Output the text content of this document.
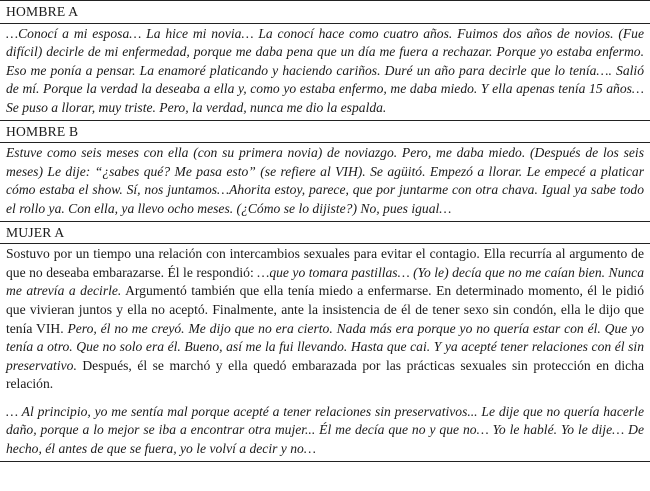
HOMBRE A

…Conocí a mi esposa… La hice mi novia… La conocí hace como cuatro años. Fuimos dos años de novios. (Fue difícil) decirle de mi enfermedad, porque me daba pena que un día me fuera a rechazar. Porque yo estaba enfermo. Eso me ponía a pensar. La enamoré platicando y haciendo cariños. Duré un año para decirle que lo tenía…. Salió de mí. Porque la verdad la deseaba a ella y, como yo estaba enfermo, me daba miedo. Y ella apenas tenía 15 años… Se puso a llorar, muy triste. Pero, la verdad, nunca me dio la espalda.

HOMBRE B

Estuve como seis meses con ella (con su primera novia) de noviazgo. Pero, me daba miedo. (Después de los seis meses) Le dije: “¿sabes qué? Me pasa esto” (se refiere al VIH). Se agüitó. Empezó a llorar. Le empecé a platicar cómo estaba el show. Sí, nos juntamos…Ahorita estoy, parece, que por juntarme con otra chava. Igual ya sabe todo el rollo ya. Con ella, ya llevo ocho meses. (¿Cómo se lo dijiste?) No, pues igual…

MUJER A

Sostuvo por un tiempo una relación con intercambios sexuales para evitar el contagio. Ella recurría al argumento de que no deseaba embarazarse. Él le respondió: …que yo tomara pastillas… (Yo le) decía que no me caían bien. Nunca me atrevía a decirle. Argumentó también que ella tenía miedo a enfermarse. En determinado momento, él le pidió que vivieran juntos y ella no aceptó. Finalmente, ante la insistencia de él de tener sexo sin condón, ella le dijo que tenía VIH. Pero, él no me creyó. Me dijo que no era cierto. Nada más era porque yo no quería estar con él. Que yo tenía a otro. Que no solo era él. Bueno, así me la fui llevando. Hasta que cai. Y ya acepté tener relaciones con él sin preservativo. Después, él se marchó y ella quedó embarazada por las prácticas sexuales sin protección en dicha relación.

… Al principio, yo me sentía mal porque acepté a tener relaciones sin preservativos... Le dije que no quería hacerle daño, porque a lo mejor se iba a encontrar otra mujer... Él me decía que no y que no… Yo le hablé. Yo le dije… De hecho, él antes de que se fuera, yo le volví a decir y no…
